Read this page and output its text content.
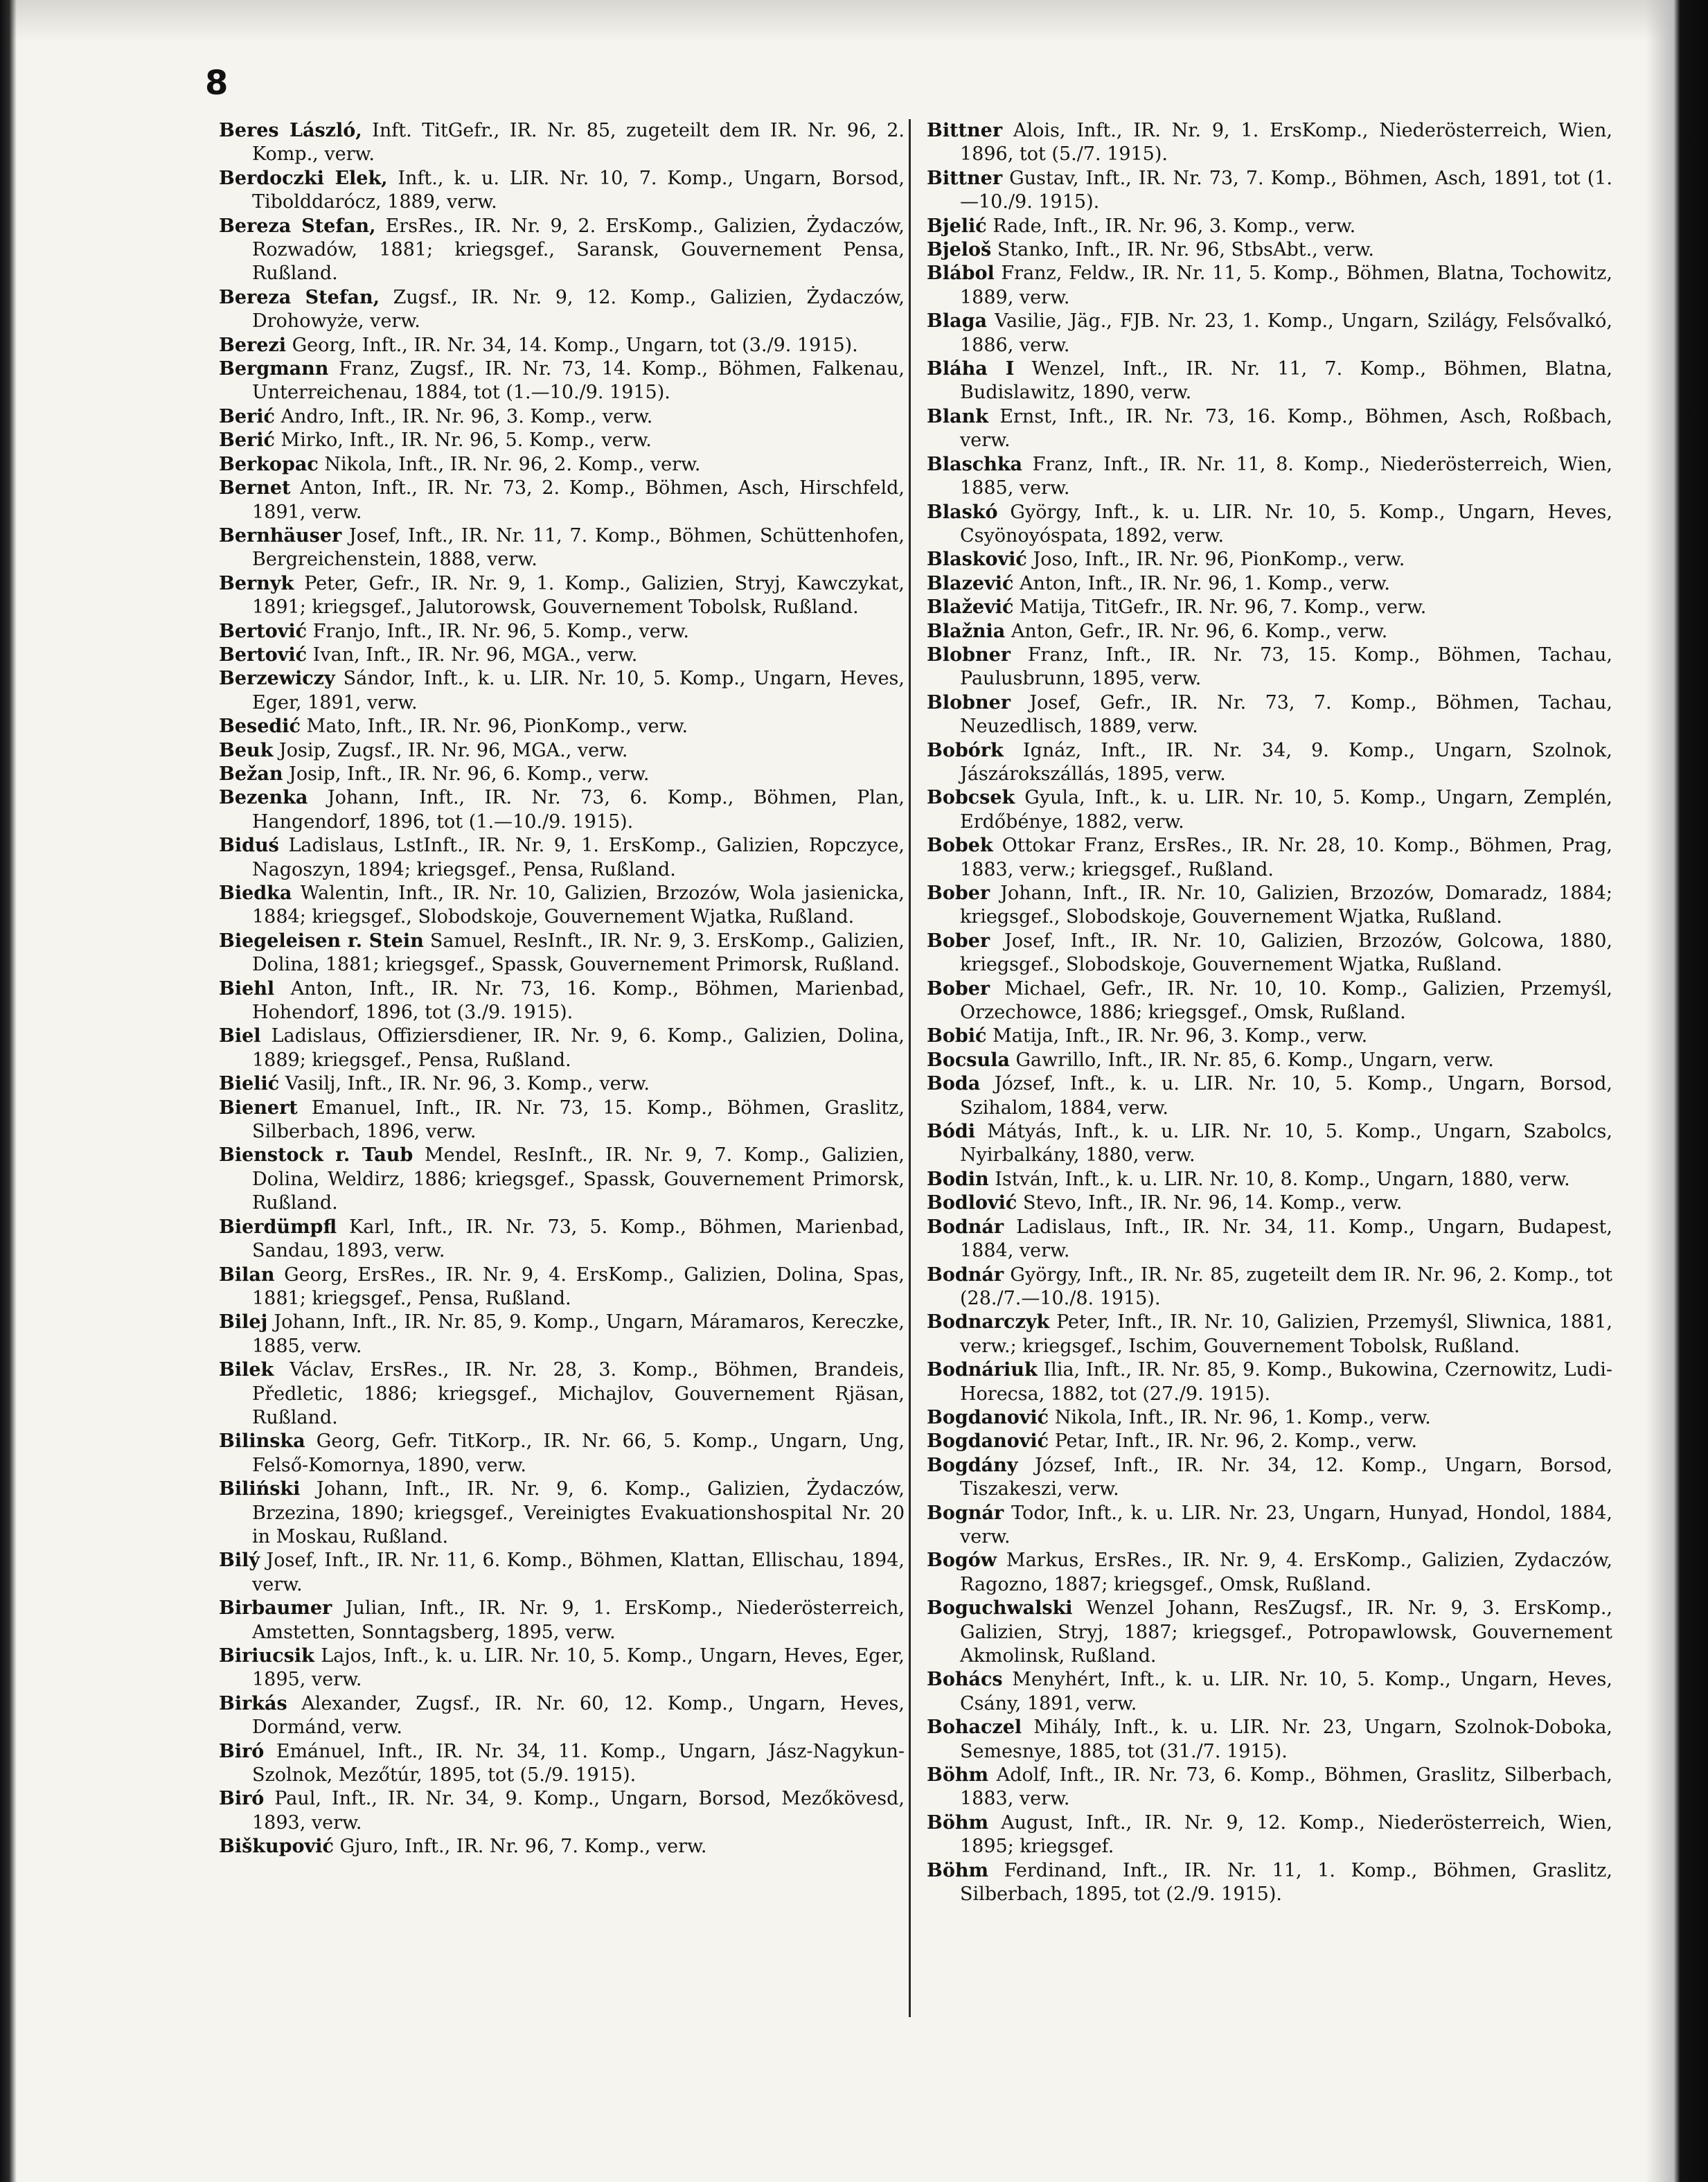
8

Beres László, Inft. TitGefr., IR. Nr. 85, zugeteilt dem IR. Nr. 96, 2. Komp., verw.

Berdoczki Elek, Inft., k. u. LIR. Nr. 10, 7. Komp., Ungarn, Borsod, Tibolddarócz, 1889, verw.

Bereza Stefan, ErsRes., IR. Nr. 9, 2. ErsKomp., Galizien, Żydaczów, Rozwadów, 1881; kriegsgef., Saransk, Gouvernement Pensa, Rußland.

Bereza Stefan, Zugsf., IR. Nr. 9, 12. Komp., Galizien, Żydaczów, Drohowyże, verw.

Berezi Georg, Inft., IR. Nr. 34, 14. Komp., Ungarn, tot (3./9. 1915).

Bergmann Franz, Zugsf., IR. Nr. 73, 14. Komp., Böhmen, Falkenau, Unterreichenau, 1884, tot (1.—10./9. 1915).

Berić Andro, Inft., IR. Nr. 96, 3. Komp., verw.

Berić Mirko, Inft., IR. Nr. 96, 5. Komp., verw.

Berkopac Nikola, Inft., IR. Nr. 96, 2. Komp., verw.

Bernet Anton, Inft., IR. Nr. 73, 2. Komp., Böhmen, Asch, Hirschfeld, 1891, verw.

Bernhäuser Josef, Inft., IR. Nr. 11, 7. Komp., Böhmen, Schüttenhofen, Bergreichenstein, 1888, verw.

Bernyk Peter, Gefr., IR. Nr. 9, 1. Komp., Galizien, Stryj, Kawczykat, 1891; kriegsgef., Jalutorowsk, Gouvernement Tobolsk, Rußland.

Bertović Franjo, Inft., IR. Nr. 96, 5. Komp., verw.

Bertović Ivan, Inft., IR. Nr. 96, MGA., verw.

Berzewiczy Sándor, Inft., k. u. LIR. Nr. 10, 5. Komp., Ungarn, Heves, Eger, 1891, verw.

Besedić Mato, Inft., IR. Nr. 96, PionKomp., verw.

Beuk Josip, Zugsf., IR. Nr. 96, MGA., verw.

Bežan Josip, Inft., IR. Nr. 96, 6. Komp., verw.

Bezenka Johann, Inft., IR. Nr. 73, 6. Komp., Böhmen, Plan, Hangendorf, 1896, tot (1.—10./9. 1915).

Biduś Ladislaus, LstInft., IR. Nr. 9, 1. ErsKomp., Galizien, Ropczyce, Nagoszyn, 1894; kriegsgef., Pensa, Rußland.

Biedka Walentin, Inft., IR. Nr. 10, Galizien, Brzozów, Wola jasienicka, 1884; kriegsgef., Slobodskoje, Gouvernement Wjatka, Rußland.

Biegeleisen r. Stein Samuel, ResInft., IR. Nr. 9, 3. ErsKomp., Galizien, Dolina, 1881; kriegsgef., Spassk, Gouvernement Primorsk, Rußland.

Biehl Anton, Inft., IR. Nr. 73, 16. Komp., Böhmen, Marienbad, Hohendorf, 1896, tot (3./9. 1915).

Biel Ladislaus, Offiziersdiener, IR. Nr. 9, 6. Komp., Galizien, Dolina, 1889; kriegsgef., Pensa, Rußland.

Bielić Vasilj, Inft., IR. Nr. 96, 3. Komp., verw.

Bienert Emanuel, Inft., IR. Nr. 73, 15. Komp., Böhmen, Graslitz, Silberbach, 1896, verw.

Bienstock r. Taub Mendel, ResInft., IR. Nr. 9, 7. Komp., Galizien, Dolina, Weldirz, 1886; kriegsgef., Spassk, Gouvernement Primorsk, Rußland.

Bierdümpfl Karl, Inft., IR. Nr. 73, 5. Komp., Böhmen, Marienbad, Sandau, 1893, verw.

Bilan Georg, ErsRes., IR. Nr. 9, 4. ErsKomp., Galizien, Dolina, Spas, 1881; kriegsgef., Pensa, Rußland.

Bilej Johann, Inft., IR. Nr. 85, 9. Komp., Ungarn, Máramaros, Kereczke, 1885, verw.

Bilek Václav, ErsRes., IR. Nr. 28, 3. Komp., Böhmen, Brandeis, Předletic, 1886; kriegsgef., Michajlov, Gouvernement Rjäsan, Rußland.

Bilinska Georg, Gefr. TitKorp., IR. Nr. 66, 5. Komp., Ungarn, Ung, Felső-Komornya, 1890, verw.

Biliński Johann, Inft., IR. Nr. 9, 6. Komp., Galizien, Żydaczów, Brzezina, 1890; kriegsgef., Vereinigtes Evakuationshospital Nr. 20 in Moskau, Rußland.

Bilý Josef, Inft., IR. Nr. 11, 6. Komp., Böhmen, Klattan, Ellischau, 1894, verw.

Birbaumer Julian, Inft., IR. Nr. 9, 1. ErsKomp., Niederösterreich, Amstetten, Sonntagsberg, 1895, verw.

Biriucsik Lajos, Inft., k. u. LIR. Nr. 10, 5. Komp., Ungarn, Heves, Eger, 1895, verw.

Birkás Alexander, Zugsf., IR. Nr. 60, 12. Komp., Ungarn, Heves, Dormánd, verw.

Biró Emánuel, Inft., IR. Nr. 34, 11. Komp., Ungarn, Jász-Nagykun-Szolnok, Mezőtúr, 1895, tot (5./9. 1915).

Biró Paul, Inft., IR. Nr. 34, 9. Komp., Ungarn, Borsod, Mezőkövesd, 1893, verw.

Biškupović Gjuro, Inft., IR. Nr. 96, 7. Komp., verw.

Bittner Alois, Inft., IR. Nr. 9, 1. ErsKomp., Niederösterreich, Wien, 1896, tot (5./7. 1915).

Bittner Gustav, Inft., IR. Nr. 73, 7. Komp., Böhmen, Asch, 1891, tot (1.—10./9. 1915).

Bjelić Rade, Inft., IR. Nr. 96, 3. Komp., verw.

Bjeloš Stanko, Inft., IR. Nr. 96, StbsAbt., verw.

Blábol Franz, Feldw., IR. Nr. 11, 5. Komp., Böhmen, Blatna, Tochowitz, 1889, verw.

Blaga Vasilie, Jäg., FJB. Nr. 23, 1. Komp., Ungarn, Szilágy, Felsővalkó, 1886, verw.

Bláha I Wenzel, Inft., IR. Nr. 11, 7. Komp., Böhmen, Blatna, Budislawitz, 1890, verw.

Blank Ernst, Inft., IR. Nr. 73, 16. Komp., Böhmen, Asch, Roßbach, verw.

Blaschka Franz, Inft., IR. Nr. 11, 8. Komp., Niederösterreich, Wien, 1885, verw.

Blaskó György, Inft., k. u. LIR. Nr. 10, 5. Komp., Ungarn, Heves, Csyönoyóspata, 1892, verw.

Blasković Joso, Inft., IR. Nr. 96, PionKomp., verw.

Blazević Anton, Inft., IR. Nr. 96, 1. Komp., verw.

Blažević Matija, TitGefr., IR. Nr. 96, 7. Komp., verw.

Blažnia Anton, Gefr., IR. Nr. 96, 6. Komp., verw.

Blobner Franz, Inft., IR. Nr. 73, 15. Komp., Böhmen, Tachau, Paulusbrunn, 1895, verw.

Blobner Josef, Gefr., IR. Nr. 73, 7. Komp., Böhmen, Tachau, Neuzedlisch, 1889, verw.

Bobórk Ignáz, Inft., IR. Nr. 34, 9. Komp., Ungarn, Szolnok, Jászárokszállás, 1895, verw.

Bobcsek Gyula, Inft., k. u. LIR. Nr. 10, 5. Komp., Ungarn, Zemplén, Erdőbénye, 1882, verw.

Bobek Ottokar Franz, ErsRes., IR. Nr. 28, 10. Komp., Böhmen, Prag, 1883, verw.; kriegsgef., Rußland.

Bober Johann, Inft., IR. Nr. 10, Galizien, Brzozów, Domaradz, 1884; kriegsgef., Slobodskoje, Gouvernement Wjatka, Rußland.

Bober Josef, Inft., IR. Nr. 10, Galizien, Brzozów, Golcowa, 1880, kriegsgef., Slobodskoje, Gouvernement Wjatka, Rußland.

Bober Michael, Gefr., IR. Nr. 10, 10. Komp., Galizien, Przemyśl, Orzechowce, 1886; kriegsgef., Omsk, Rußland.

Bobić Matija, Inft., IR. Nr. 96, 3. Komp., verw.

Bocsula Gawrillo, Inft., IR. Nr. 85, 6. Komp., Ungarn, verw.

Boda József, Inft., k. u. LIR. Nr. 10, 5. Komp., Ungarn, Borsod, Szihalom, 1884, verw.

Bódi Mátyás, Inft., k. u. LIR. Nr. 10, 5. Komp., Ungarn, Szabolcs, Nyirbalkány, 1880, verw.

Bodin István, Inft., k. u. LIR. Nr. 10, 8. Komp., Ungarn, 1880, verw.

Bodlović Stevo, Inft., IR. Nr. 96, 14. Komp., verw.

Bodnár Ladislaus, Inft., IR. Nr. 34, 11. Komp., Ungarn, Budapest, 1884, verw.

Bodnár György, Inft., IR. Nr. 85, zugeteilt dem IR. Nr. 96, 2. Komp., tot (28./7.—10./8. 1915).

Bodnarczyk Peter, Inft., IR. Nr. 10, Galizien, Przemyśl, Sliwnica, 1881, verw.; kriegsgef., Ischim, Gouvernement Tobolsk, Rußland.

Bodnáriuk Ilia, Inft., IR. Nr. 85, 9. Komp., Bukowina, Czernowitz, Ludi-Horecsa, 1882, tot (27./9. 1915).

Bogdanović Nikola, Inft., IR. Nr. 96, 1. Komp., verw.

Bogdanović Petar, Inft., IR. Nr. 96, 2. Komp., verw.

Bogdány József, Inft., IR. Nr. 34, 12. Komp., Ungarn, Borsod, Tiszakeszi, verw.

Bognár Todor, Inft., k. u. LIR. Nr. 23, Ungarn, Hunyad, Hondol, 1884, verw.

Bogów Markus, ErsRes., IR. Nr. 9, 4. ErsKomp., Galizien, Zydaczów, Ragozno, 1887; kriegsgef., Omsk, Rußland.

Boguchwalski Wenzel Johann, ResZugsf., IR. Nr. 9, 3. ErsKomp., Galizien, Stryj, 1887; kriegsgef., Potropawlowsk, Gouvernement Akmolinsk, Rußland.

Bohács Menyhért, Inft., k. u. LIR. Nr. 10, 5. Komp., Ungarn, Heves, Csány, 1891, verw.

Bohaczel Mihály, Inft., k. u. LIR. Nr. 23, Ungarn, Szolnok-Doboka, Semesnye, 1885, tot (31./7. 1915).

Böhm Adolf, Inft., IR. Nr. 73, 6. Komp., Böhmen, Graslitz, Silberbach, 1883, verw.

Böhm August, Inft., IR. Nr. 9, 12. Komp., Niederösterreich, Wien, 1895; kriegsgef.

Böhm Ferdinand, Inft., IR. Nr. 11, 1. Komp., Böhmen, Graslitz, Silberbach, 1895, tot (2./9. 1915).
